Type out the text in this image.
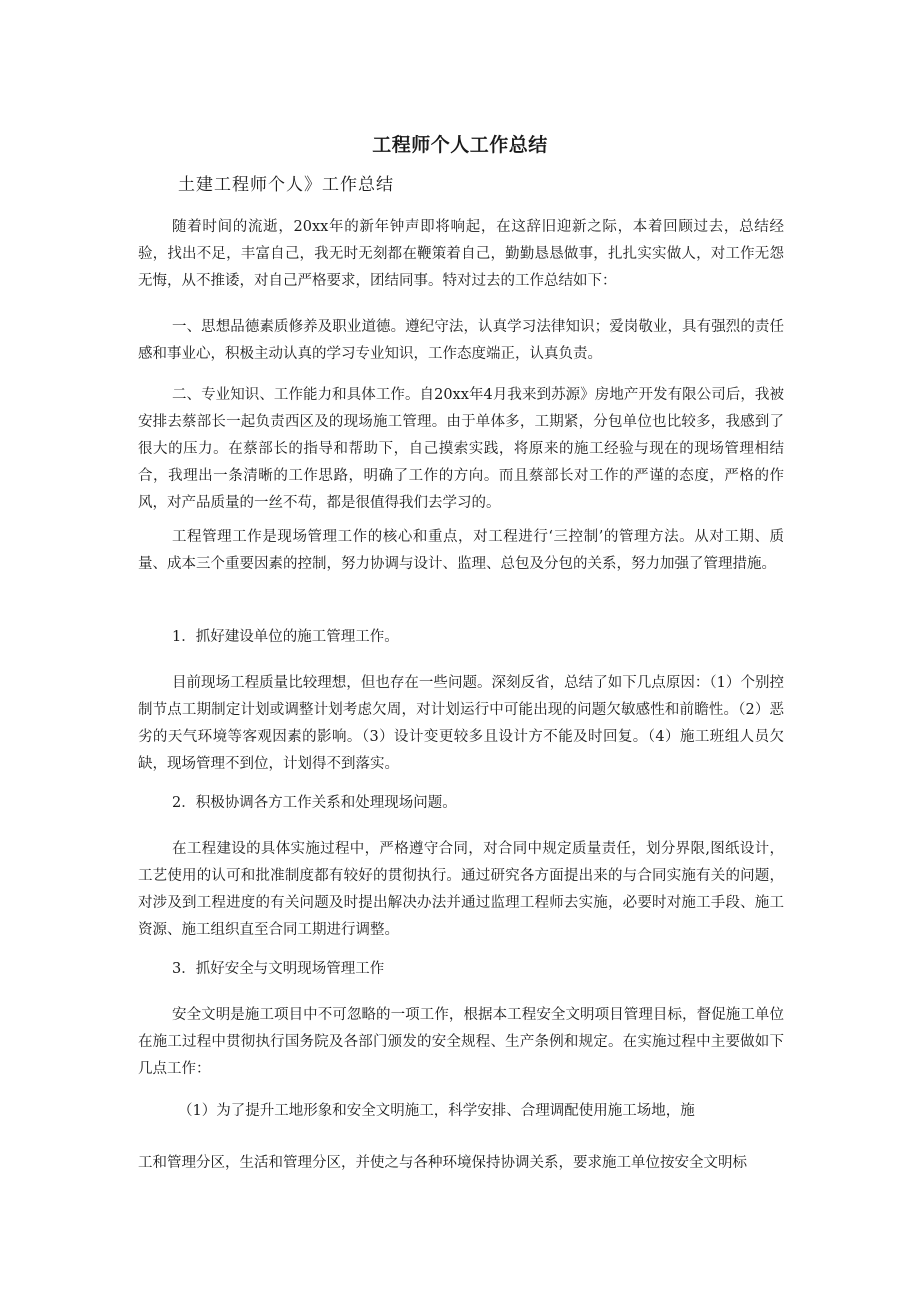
工程师个人工作总结
土建工程师个人》工作总结
随着时间的流逝，20xx年的新年钟声即将响起，在这辞旧迎新之际，本着回顾过去，总结经验，找出不足，丰富自己，我无时无刻都在鞭策着自己，勤勤恳恳做事，扎扎实实做人，对工作无怨无悔，从不推诿，对自己严格要求，团结同事。特对过去的工作总结如下：
一、思想品德素质修养及职业道德。遵纪守法，认真学习法律知识；爱岗敬业，具有强烈的责任感和事业心，积极主动认真的学习专业知识，工作态度端正，认真负责。
二、专业知识、工作能力和具体工作。自20xx年4月我来到苏源》房地产开发有限公司后，我被安排去蔡部长一起负责西区及的现场施工管理。由于单体多，工期紧，分包单位也比较多，我感到了很大的压力。在蔡部长的指导和帮助下，自己摸索实践，将原来的施工经验与现在的现场管理相结合，我理出一条清晰的工作思路，明确了工作的方向。而且蔡部长对工作的严谨的态度，严格的作风，对产品质量的一丝不苟，都是很值得我们去学习的。
工程管理工作是现场管理工作的核心和重点，对工程进行‘三控制’的管理方法。从对工期、质量、成本三个重要因素的控制，努力协调与设计、监理、总包及分包的关系，努力加强了管理措施。
1．抓好建设单位的施工管理工作。
目前现场工程质量比较理想，但也存在一些问题。深刻反省，总结了如下几点原因：（1）个别控制节点工期制定计划或调整计划考虑欠周，对计划运行中可能出现的问题欠敏感性和前瞻性。（2）恶劣的天气环境等客观因素的影响。（3）设计变更较多且设计方不能及时回复。（4）施工班组人员欠缺，现场管理不到位，计划得不到落实。
2．积极协调各方工作关系和处理现场问题。
在工程建设的具体实施过程中，严格遵守合同，对合同中规定质量责任，划分界限,图纸设计，工艺使用的认可和批准制度都有较好的贯彻执行。通过研究各方面提出来的与合同实施有关的问题，对涉及到工程进度的有关问题及时提出解决办法并通过监理工程师去实施，必要时对施工手段、施工资源、施工组织直至合同工期进行调整。
3．抓好安全与文明现场管理工作
安全文明是施工项目中不可忽略的一项工作，根据本工程安全文明项目管理目标，督促施工单位在施工过程中贯彻执行国务院及各部门颁发的安全规程、生产条例和规定。在实施过程中主要做如下几点工作：
（1）为了提升工地形象和安全文明施工，科学安排、合理调配使用施工场地，施
工和管理分区，生活和管理分区，并使之与各种环境保持协调关系，要求施工单位按安全文明标
